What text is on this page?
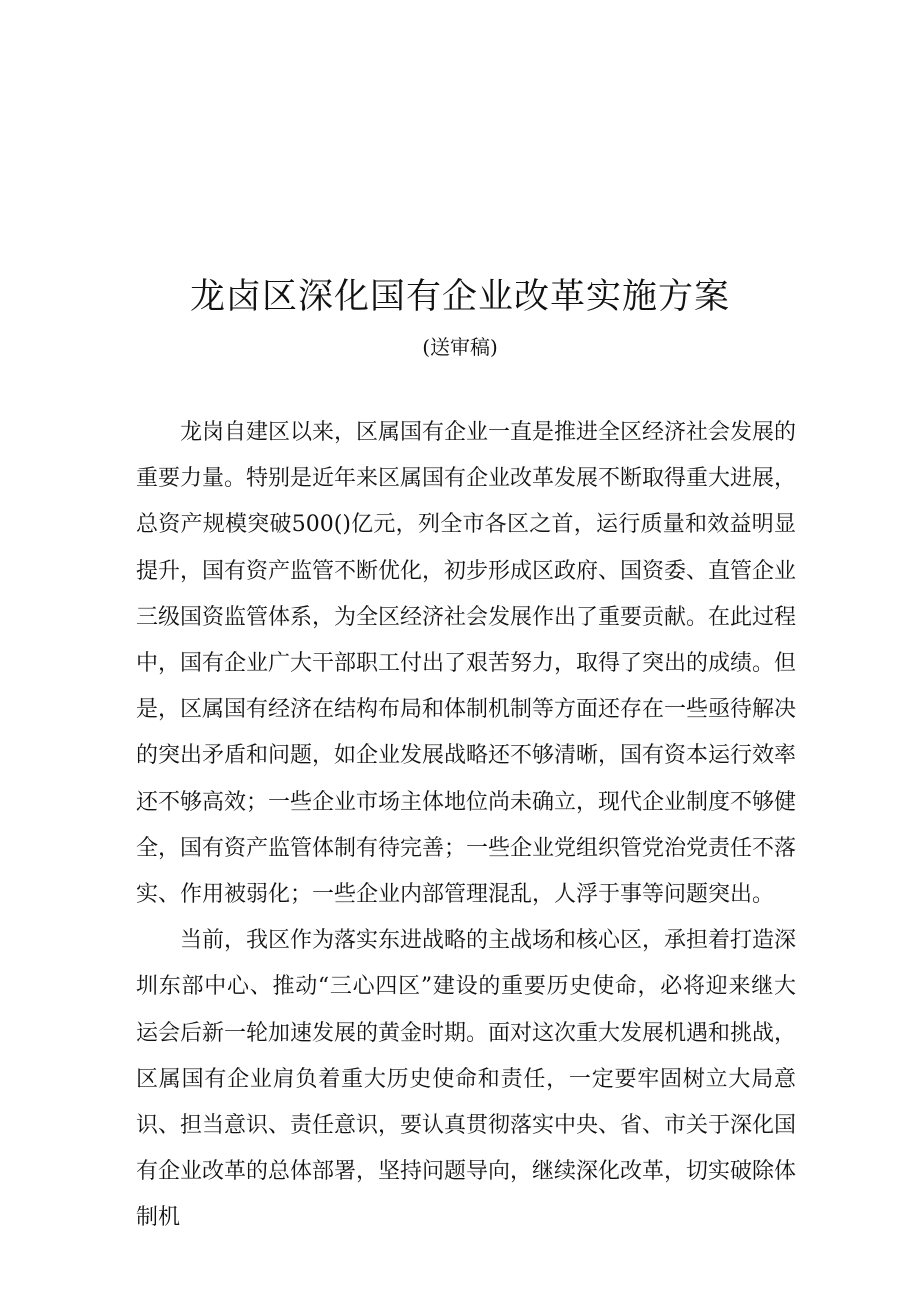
龙卤区深化国有企业改革实施方案
(送审稿)

龙岗自建区以来，区属国有企业一直是推进全区经济社会发展的重要力量。特别是近年来区属国有企业改革发展不断取得重大进展，总资产规模突破500()亿元，列全市各区之首，运行质量和效益明显提升，国有资产监管不断优化，初步形成区政府、国资委、直管企业三级国资监管体系，为全区经济社会发展作出了重要贡献。在此过程中，国有企业广大干部职工付出了艰苦努力，取得了突出的成绩。但是，区属国有经济在结构布局和体制机制等方面还存在一些亟待解决的突出矛盾和问题，如企业发展战略还不够清晰，国有资本运行效率还不够高效；一些企业市场主体地位尚未确立，现代企业制度不够健全，国有资产监管体制有待完善；一些企业党组织管党治党责任不落实、作用被弱化；一些企业内部管理混乱，人浮于事等问题突出。

当前，我区作为落实东进战略的主战场和核心区，承担着打造深圳东部中心、推动“三心四区”建设的重要历史使命，必将迎来继大运会后新一轮加速发展的黄金时期。面对这次重大发展机遇和挑战，区属国有企业肩负着重大历史使命和责任，一定要牢固树立大局意识、担当意识、责任意识，要认真贯彻落实中央、省、市关于深化国有企业改革的总体部署，坚持问题导向，继续深化改革，切实破除体制机
